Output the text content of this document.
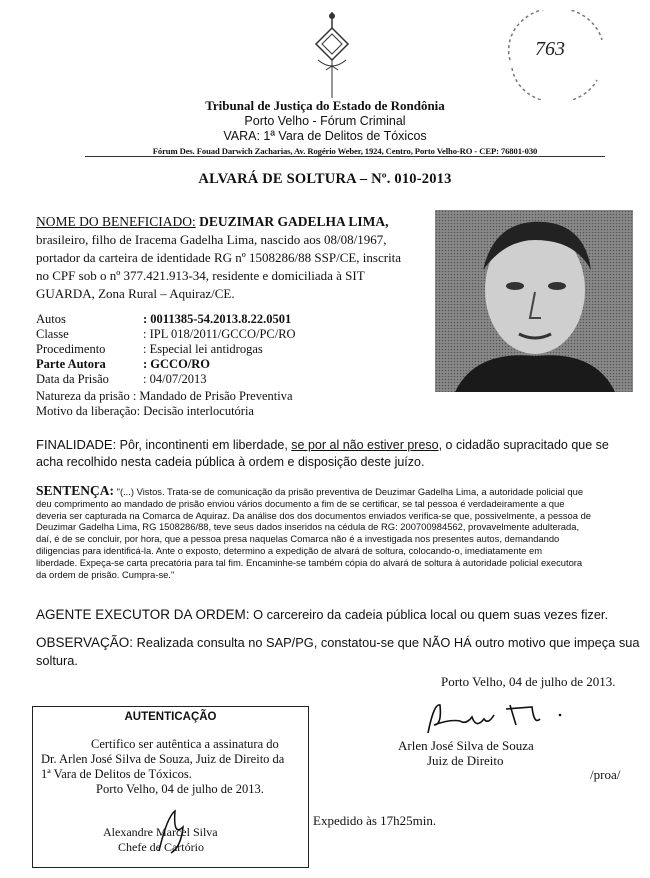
763
Tribunal de Justiça do Estado de Rondônia
Porto Velho - Fórum Criminal
VARA: 1ª Vara de Delitos de Tóxicos
Fórum Des. Fouad Darwich Zacharias, Av. Rogério Weber, 1924, Centro, Porto Velho-RO - CEP: 76801-030
ALVARÁ DE SOLTURA – Nº. 010-2013
NOME DO BENEFICIADO: DEUZIMAR GADELHA LIMA,
brasileiro, filho de Iracema Gadelha Lima, nascido aos 08/08/1967,
portador da carteira de identidade RG nº 1508286/88 SSP/CE, inscrita
no CPF sob o nº 377.421.913-34, residente e domiciliada à SIT
GUARDA, Zona Rural – Aquiraz/CE.
Autos	: 0011385-54.2013.8.22.0501
Classe	: IPL 018/2011/GCCO/PC/RO
Procedimento	: Especial lei antidrogas
Parte Autora	: GCCO/RO
Data da Prisão	: 04/07/2013
Natureza da prisão : Mandado de Prisão Preventiva
Motivo da liberação: Decisão interlocutória
FINALIDADE: Pôr, incontinenti em liberdade, se por al não estiver preso, o cidadão supracitado que se
acha recolhido nesta cadeia pública à ordem e disposição deste juízo.
SENTENÇA: "(...) Vistos. Trata-se de comunicação da prisão preventiva de Deuzimar Gadelha Lima, a autoridade policial que
deu comprimento ao mandado de prisão enviou vários documento a fim de se certificar, se tal pessoa é verdadeiramente a que
deveria ser capturada na Comarca de Aquiraz. Da análise dos dos documentos enviados verifica-se que, possivelmente, a pessoa de
Deuzimar Gadelha Lima, RG 1508286/88, teve seus dados inseridos na cédula de RG: 200700984562, provavelmente adulterada,
daí, é de se concluir, por hora, que a pessoa presa naquelas Comarca não é a investigada nos presentes autos, demandando
diligencias para identificá-la. Ante o exposto, determino a expedição de alvará de soltura, colocando-o, imediatamente em
liberdade. Expeça-se carta precatória para tal fim. Encaminhe-se também cópia do alvará de soltura à autoridade policial executora
da ordem de prisão. Cumpra-se."
AGENTE EXECUTOR DA ORDEM: O carcereiro da cadeia pública local ou quem suas vezes fizer.
OBSERVAÇÃO: Realizada consulta no SAP/PG, constatou-se que NÃO HÁ outro motivo que impeça sua
soltura.
Porto Velho, 04 de julho de 2013.
Arlen José Silva de Souza
Juiz de Direito
/proa/
Expedido às 17h25min.
AUTENTICAÇÃO
Certifico ser autêntica a assinatura do
Dr. Arlen José Silva de Souza, Juiz de Direito da
1ª Vara de Delitos de Tóxicos.
Porto Velho, 04 de julho de 2013.
Alexandre Marcel Silva
Chefe de Cartório
